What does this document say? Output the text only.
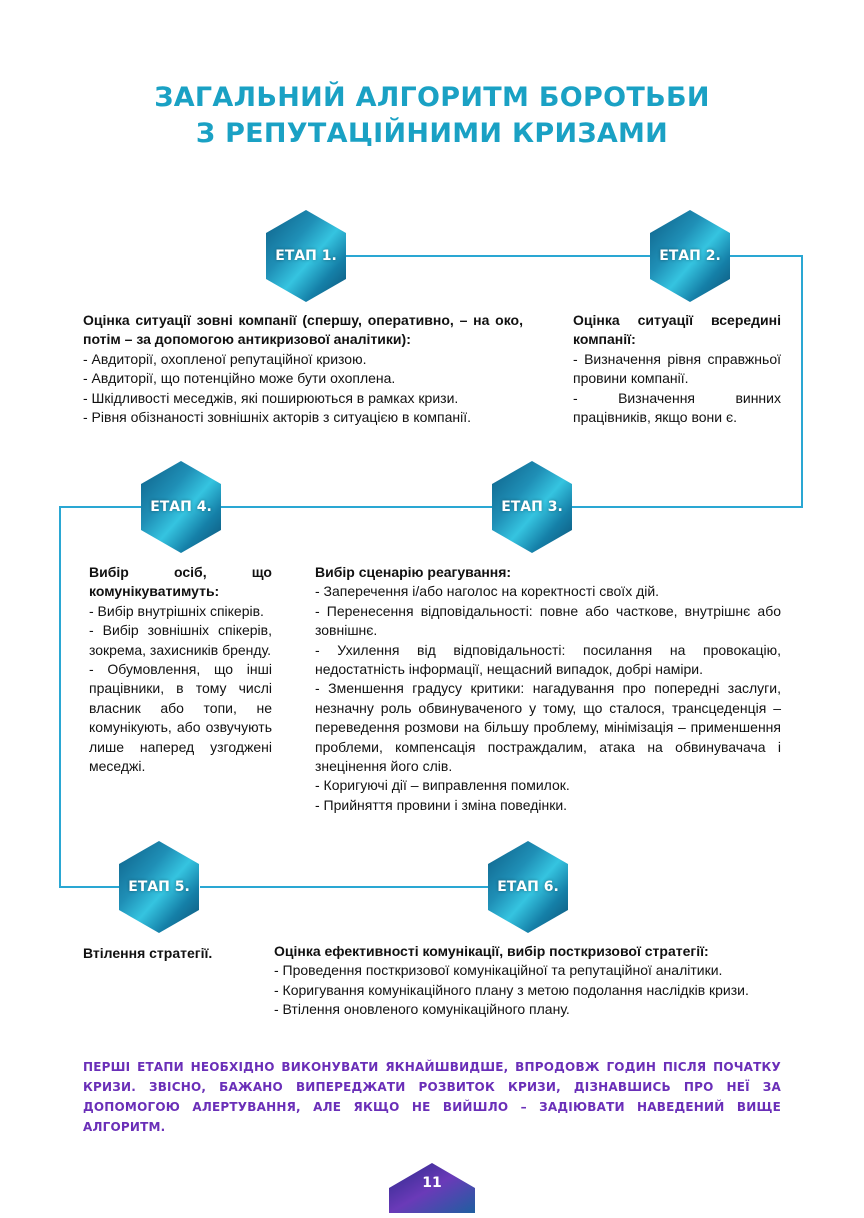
ЗАГАЛЬНИЙ АЛГОРИТМ БОРОТЬБИ
З РЕПУТАЦІЙНИМИ КРИЗАМИ
ЕТАП 1.	ЕТАП 2.
ЕТАП 3.
ЕТАП 4.
ЕТАП 5.	ЕТАП 6.
Оцінка ситуації зовні компанії (спершу, оперативно, – на око, потім – за допомогою антикризової аналітики):
- Авдиторії, охопленої репутаційної кризою.
- Авдиторії, що потенційно може бути охоплена.
- Шкідливості меседжів, які поширюються в рамках кризи.
- Рівня обізнаності зовнішніх акторів з ситуацією в компанії.
Оцінка ситуації всередині компанії:
- Визначення рівня справжньої провини компанії.
- Визначення винних працівників, якщо вони є.
Вибір осіб, що комунікуватимуть:
- Вибір внутрішніх спікерів.
- Вибір зовнішніх спікерів, зокрема, захисників бренду.
- Обумовлення, що інші працівники, в тому числі власник або топи, не комунікують, або озвучують лише наперед узгоджені меседжі.
Вибір сценарію реагування:
- Заперечення і/або наголос на коректності своїх дій.
- Перенесення відповідальності: повне або часткове, внутрішнє або зовнішнє.
- Ухилення від відповідальності: посилання на провокацію, недостатність інформації, нещасний випадок, добрі наміри.
- Зменшення градусу критики: нагадування про попередні заслуги, незначну роль обвинуваченого у тому, що сталося, трансцеденція – переведення розмови на більшу проблему, мінімізація – применшення проблеми, компенсація постраждалим, атака на обвинувачача і знецінення його слів.
- Коригуючі дії – виправлення помилок.
- Прийняття провини і зміна поведінки.
Втілення стратегії.	Оцінка ефективності комунікації, вибір посткризової стратегії:
- Проведення посткризової комунікаційної та репутаційної аналітики.
- Коригування комунікаційного плану з метою подолання наслідків кризи.
- Втілення оновленого комунікаційного плану.
ПЕРШІ ЕТАПИ НЕОБХІДНО ВИКОНУВАТИ ЯКНАЙШВИДШЕ, ВПРОДОВЖ ГОДИН ПІСЛЯ ПОЧАТКУ КРИЗИ. ЗВІСНО, БАЖАНО ВИПЕРЕДЖАТИ РОЗВИТОК КРИЗИ, ДІЗНАВШИСЬ ПРО НЕЇ ЗА ДОПОМОГОЮ АЛЕРТУВАННЯ, АЛЕ ЯКЩО НЕ ВИЙШЛО – ЗАДІЮВАТИ НАВЕДЕНИЙ ВИЩЕ АЛГОРИТМ.
11
